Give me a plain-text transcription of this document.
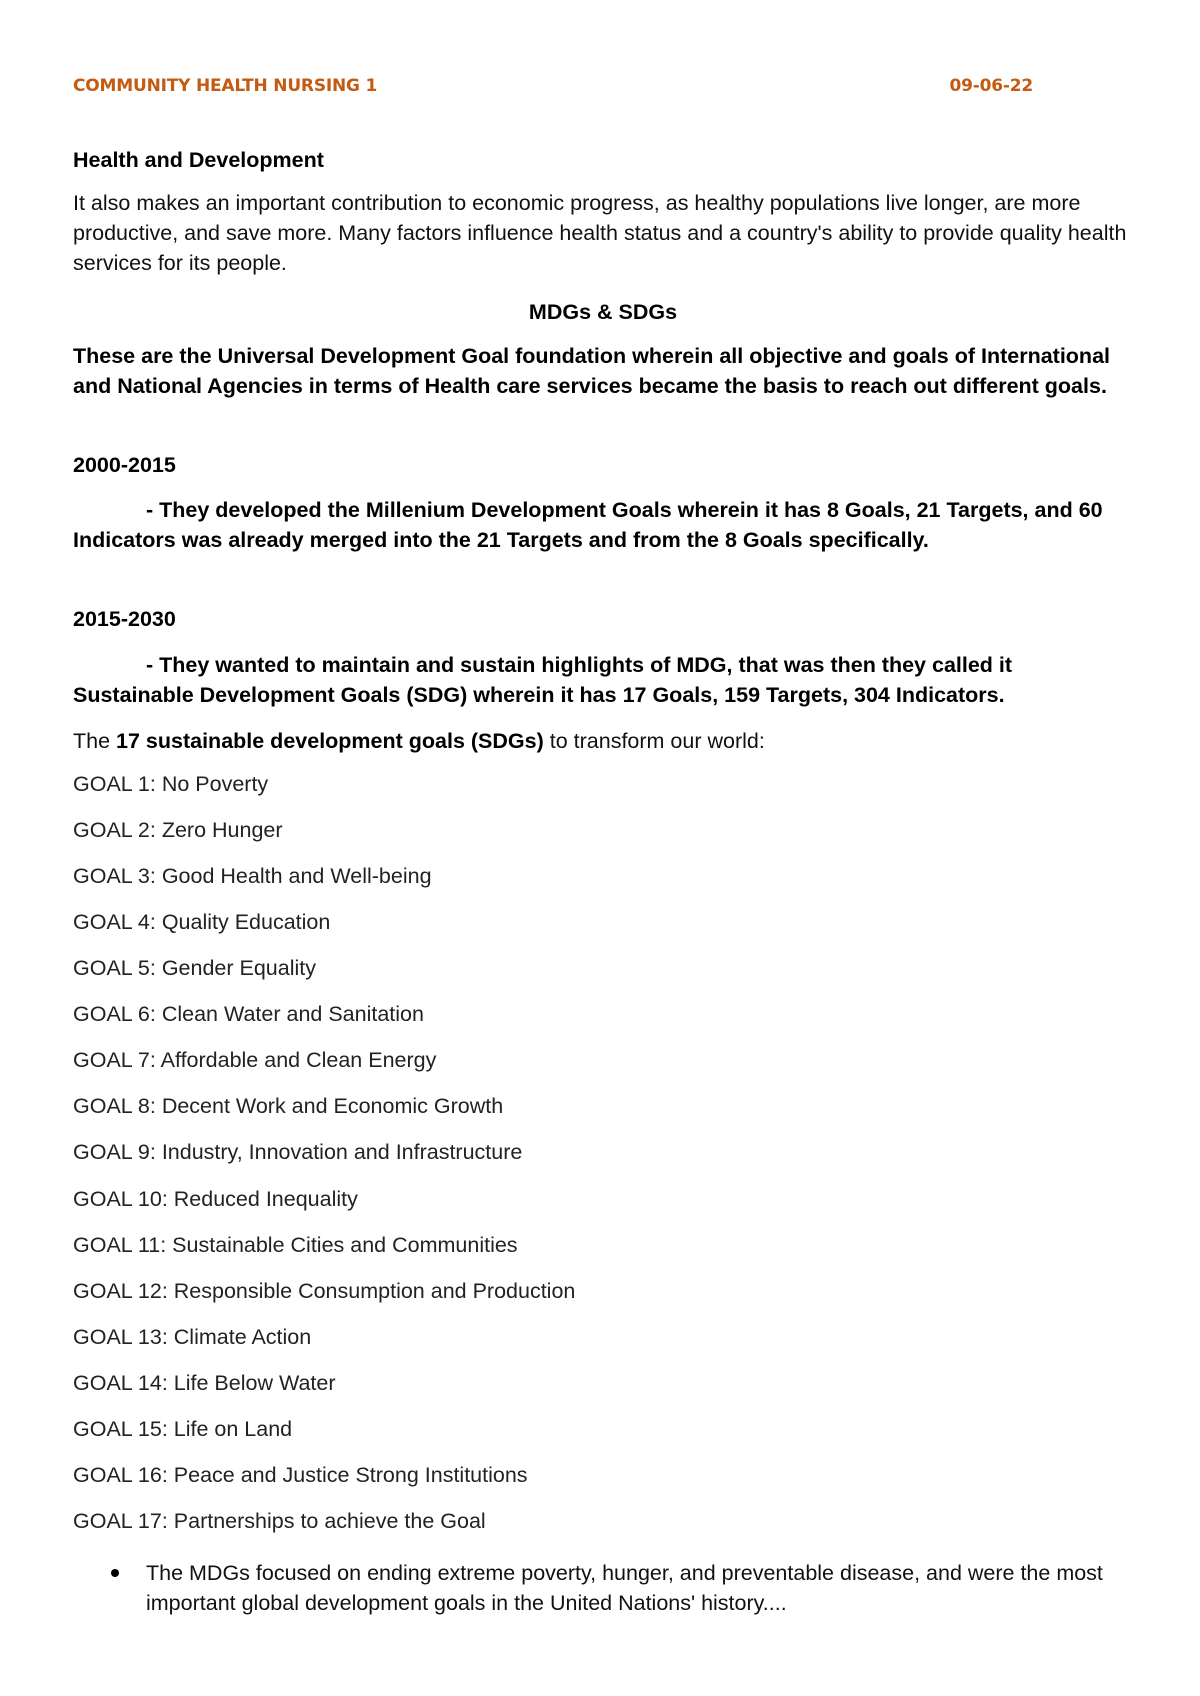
COMMUNITY HEALTH NURSING 1	09-06-22
Health and Development
It also makes an important contribution to economic progress, as healthy populations live longer, are more productive, and save more. Many factors influence health status and a country's ability to provide quality health services for its people.
MDGs & SDGs
These are the Universal Development Goal foundation wherein all objective and goals of International and National Agencies in terms of Health care services became the basis to reach out different goals.
2000-2015
- They developed the Millenium Development Goals wherein it has 8 Goals, 21 Targets, and 60 Indicators was already merged into the 21 Targets and from the 8 Goals specifically.
2015-2030
- They wanted to maintain and sustain highlights of MDG, that was then they called it Sustainable Development Goals (SDG) wherein it has 17 Goals, 159 Targets, 304 Indicators.
The 17 sustainable development goals (SDGs) to transform our world:
GOAL 1: No Poverty
GOAL 2: Zero Hunger
GOAL 3: Good Health and Well-being
GOAL 4: Quality Education
GOAL 5: Gender Equality
GOAL 6: Clean Water and Sanitation
GOAL 7: Affordable and Clean Energy
GOAL 8: Decent Work and Economic Growth
GOAL 9: Industry, Innovation and Infrastructure
GOAL 10: Reduced Inequality
GOAL 11: Sustainable Cities and Communities
GOAL 12: Responsible Consumption and Production
GOAL 13: Climate Action
GOAL 14: Life Below Water
GOAL 15: Life on Land
GOAL 16: Peace and Justice Strong Institutions
GOAL 17: Partnerships to achieve the Goal
The MDGs focused on ending extreme poverty, hunger, and preventable disease, and were the most important global development goals in the United Nations' history....
